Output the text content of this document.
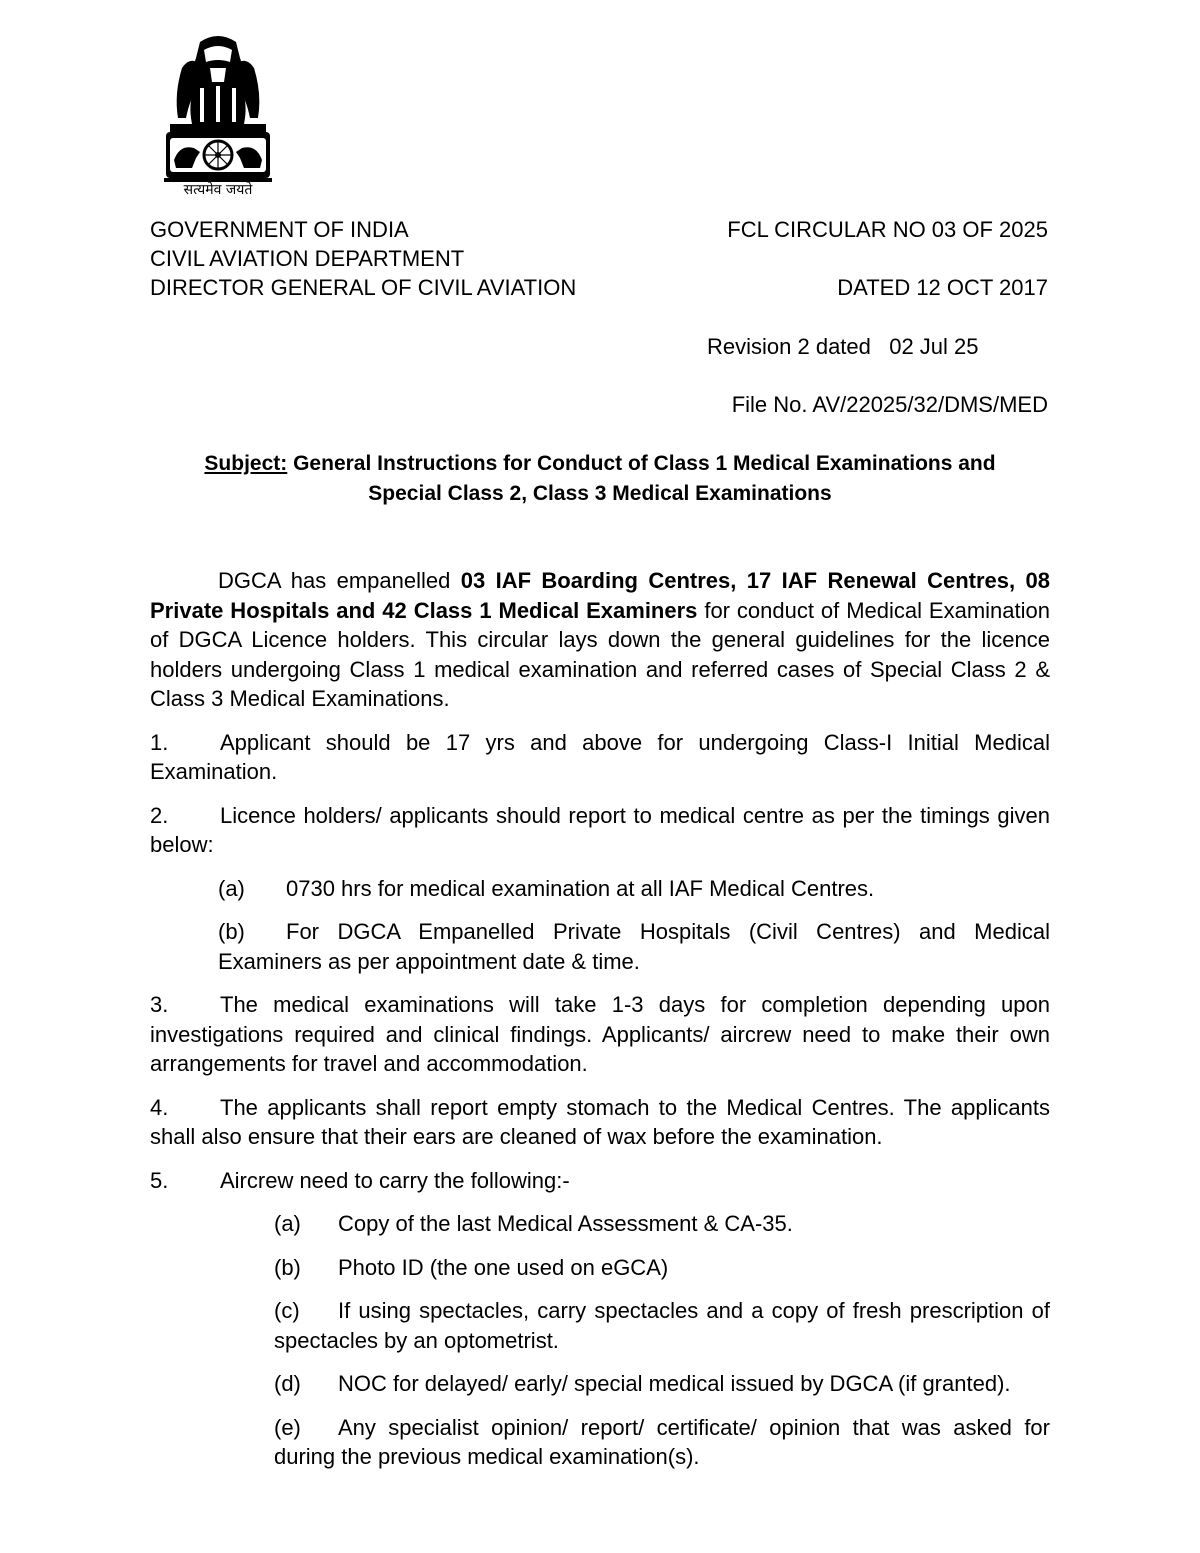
सत्यमेव जयते
GOVERNMENT OF INDIA
CIVIL AVIATION DEPARTMENT
DIRECTOR GENERAL OF CIVIL AVIATION
FCL CIRCULAR NO 03 OF 2025
DATED 12 OCT 2017
Revision 2 dated   02 Jul 25
File No. AV/22025/32/DMS/MED
Subject: General Instructions for Conduct of Class 1 Medical Examinations and
Special Class 2, Class 3 Medical Examinations

DGCA has empanelled 03 IAF Boarding Centres, 17 IAF Renewal Centres, 08 Private Hospitals and 42 Class 1 Medical Examiners for conduct of Medical Examination of DGCA Licence holders. This circular lays down the general guidelines for the licence holders undergoing Class 1 medical examination and referred cases of Special Class 2 & Class 3 Medical Examinations.

1. Applicant should be 17 yrs and above for undergoing Class-I Initial Medical Examination.

2. Licence holders/ applicants should report to medical centre as per the timings given below:

(a) 0730 hrs for medical examination at all IAF Medical Centres.

(b) For DGCA Empanelled Private Hospitals (Civil Centres) and Medical Examiners as per appointment date & time.

3. The medical examinations will take 1-3 days for completion depending upon investigations required and clinical findings. Applicants/ aircrew need to make their own arrangements for travel and accommodation.

4. The applicants shall report empty stomach to the Medical Centres. The applicants shall also ensure that their ears are cleaned of wax before the examination.

5. Aircrew need to carry the following:-

(a) Copy of the last Medical Assessment & CA-35.

(b) Photo ID (the one used on eGCA)

(c) If using spectacles, carry spectacles and a copy of fresh prescription of spectacles by an optometrist.

(d) NOC for delayed/ early/ special medical issued by DGCA (if granted).

(e) Any specialist opinion/ report/ certificate/ opinion that was asked for during the previous medical examination(s).
